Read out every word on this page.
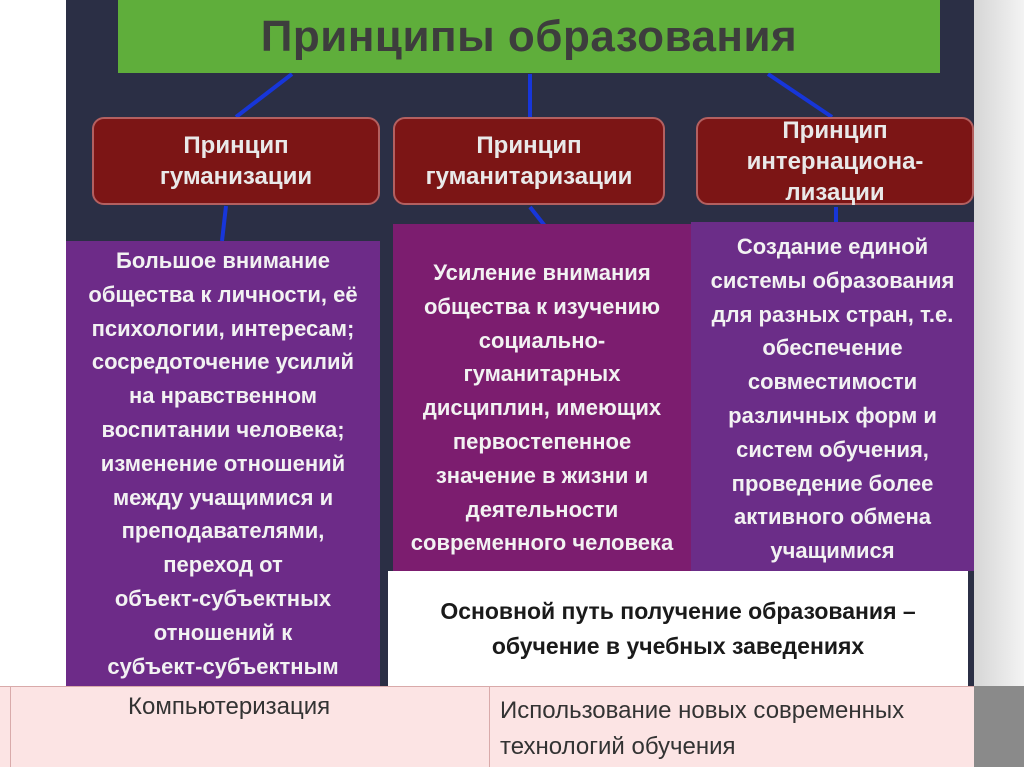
Принципы образования
Принцип
гуманизации
Принцип
гуманитаризации
Принцип
интернациона-
лизации
Большое внимание
общества к личности, её
психологии, интересам;
сосредоточение усилий
на нравственном
воспитании человека;
изменение отношений
между учащимися и
преподавателями,
переход от
объект-субъектных
отношений к
субъект-субъектным
Усиление внимания
общества к изучению
социально-
гуманитарных
дисциплин, имеющих
первостепенное
значение в жизни и
деятельности
современного человека
Создание единой
системы образования
для разных стран, т.е.
обеспечение
совместимости
различных форм и
систем обучения,
проведение более
активного обмена
учащимися
Основной путь получение образования –
обучение в учебных заведениях
Компьютеризация	Использование новых современных
технологий обучения
